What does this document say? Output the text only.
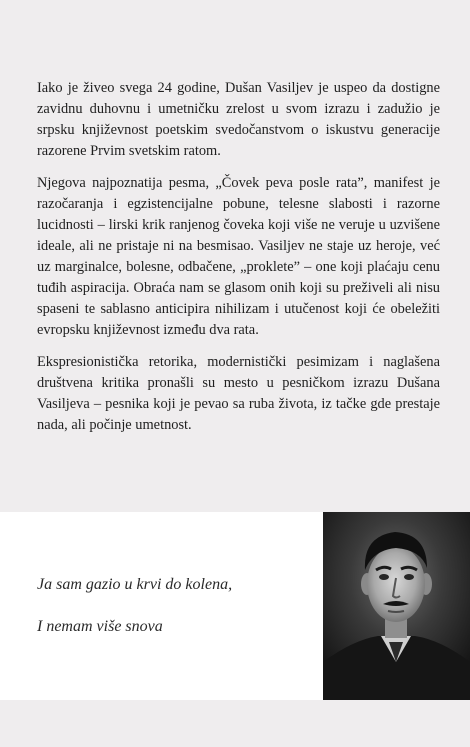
Iako je živeo svega 24 godine, Dušan Vasiljev je uspeo da dostigne zavidnu duhovnu i umetničku zrelost u svom izrazu i zadužio je srpsku književnost poetskim svedočanstvom o iskustvu generacije razorene Prvim svetskim ratom.

Njegova najpoznatija pesma, „Čovek peva posle rata”, manifest je razočaranja i egzistencijalne pobune, telesne slabosti i razorne lucidnosti – lirski krik ranjenog čoveka koji više ne veruje u uzvišene ideale, ali ne pristaje ni na besmisao. Vasiljev ne staje uz heroje, već uz marginalce, bolesne, odbačene, „proklete” – one koji plaćaju cenu tuđih aspiracija. Obraća nam se glasom onih koji su preživeli ali nisu spaseni te sablasno anticipira nihilizam i utučenost koji će obeležiti evropsku književnost između dva rata.

Ekspresionistička retorika, modernistički pesimizam i naglašena društvena kritika pronašli su mesto u pesničkom izrazu Dušana Vasiljeva – pesnika koji je pevao sa ruba života, iz tačke gde prestaje nada, ali počinje umetnost.

Ja sam gazio u krvi do kolena,

I nemam više snova
